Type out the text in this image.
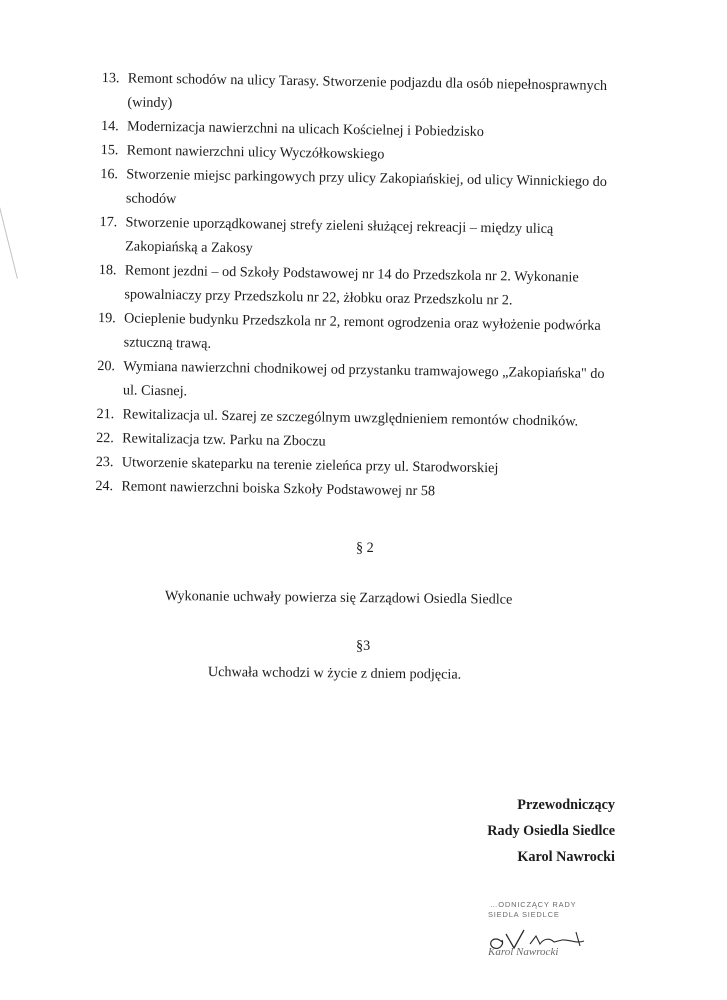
13. Remont schodów na ulicy Tarasy. Stworzenie podjazdu dla osób niepełnosprawnych (windy)
14. Modernizacja nawierzchni na ulicach Kościelnej i Pobiedzisko
15. Remont nawierzchni ulicy Wyczółkowskiego
16. Stworzenie miejsc parkingowych przy ulicy Zakopiańskiej, od ulicy Winnickiego do schodów
17. Stworzenie uporządkowanej strefy zieleni służącej rekreacji – między ulicą Zakopiańską a Zakosy
18. Remont jezdni – od Szkoły Podstawowej nr 14 do Przedszkola nr 2. Wykonanie spowalniaczy przy Przedszkolu nr 22, żłobku oraz Przedszkolu nr 2.
19. Ocieplenie budynku Przedszkola nr 2, remont ogrodzenia oraz wyłożenie podwórka sztuczną trawą.
20. Wymiana nawierzchni chodnikowej od przystanku tramwajowego „Zakopiańska" do ul. Ciasnej.
21. Rewitalizacja ul. Szarej ze szczególnym uwzględnieniem remontów chodników.
22. Rewitalizacja tzw. Parku na Zboczu
23. Utworzenie skateparku na terenie zieleńca przy ul. Starodworskiej
24. Remont nawierzchni boiska Szkoły Podstawowej nr 58
§ 2
Wykonanie uchwały powierza się Zarządowi Osiedla Siedlce
§3
Uchwała wchodzi w życie z dniem podjęcia.
Przewodniczący
Rady Osiedla Siedlce
Karol Nawrocki
…ODNICZĄCY RADY
SIEDLA SIEDLCE
Karol Nawrocki
